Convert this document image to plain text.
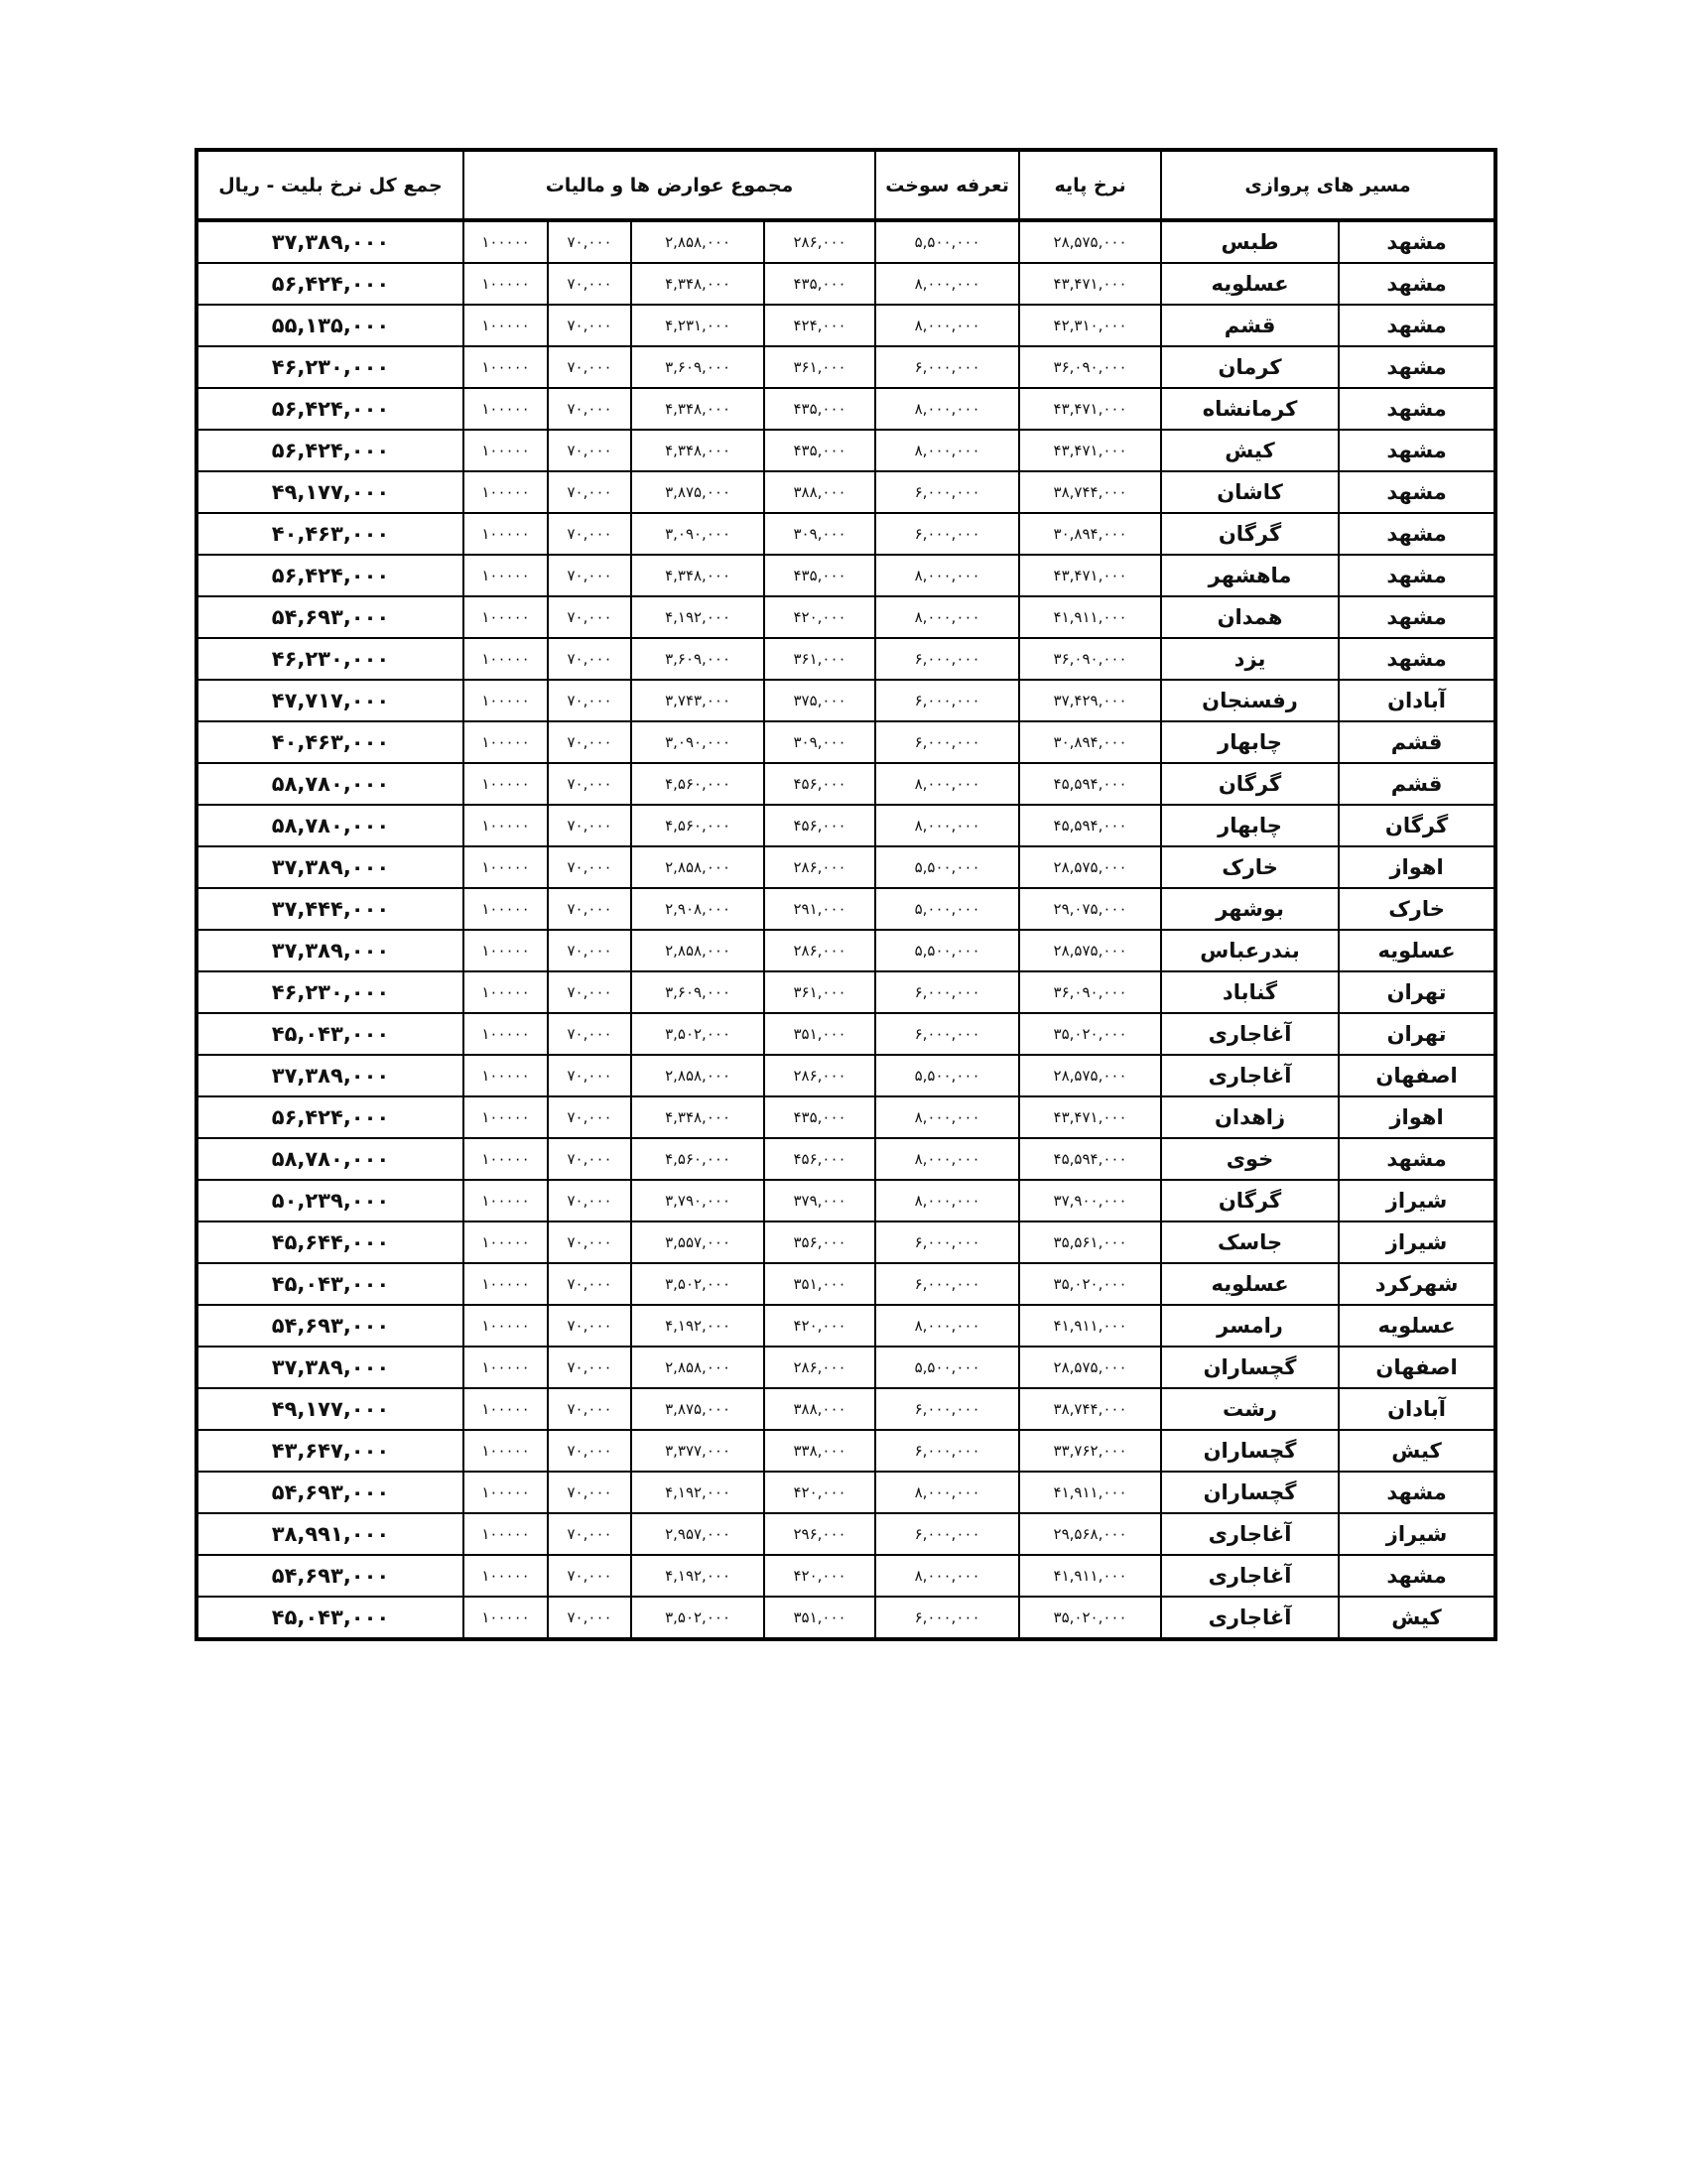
مسیر های پروازی		نرخ پایه	تعرفه سوخت	مجموع عوارض ها و مالیات				جمع کل نرخ بلیت - ریال
مشهد	طبس	۲۸,۵۷۵,۰۰۰	۵,۵۰۰,۰۰۰	۲۸۶,۰۰۰	۲,۸۵۸,۰۰۰	۷۰,۰۰۰	۱۰۰۰۰۰	۳۷,۳۸۹,۰۰۰
مشهد	عسلویه	۴۳,۴۷۱,۰۰۰	۸,۰۰۰,۰۰۰	۴۳۵,۰۰۰	۴,۳۴۸,۰۰۰	۷۰,۰۰۰	۱۰۰۰۰۰	۵۶,۴۲۴,۰۰۰
مشهد	قشم	۴۲,۳۱۰,۰۰۰	۸,۰۰۰,۰۰۰	۴۲۴,۰۰۰	۴,۲۳۱,۰۰۰	۷۰,۰۰۰	۱۰۰۰۰۰	۵۵,۱۳۵,۰۰۰
مشهد	کرمان	۳۶,۰۹۰,۰۰۰	۶,۰۰۰,۰۰۰	۳۶۱,۰۰۰	۳,۶۰۹,۰۰۰	۷۰,۰۰۰	۱۰۰۰۰۰	۴۶,۲۳۰,۰۰۰
مشهد	کرمانشاه	۴۳,۴۷۱,۰۰۰	۸,۰۰۰,۰۰۰	۴۳۵,۰۰۰	۴,۳۴۸,۰۰۰	۷۰,۰۰۰	۱۰۰۰۰۰	۵۶,۴۲۴,۰۰۰
مشهد	کیش	۴۳,۴۷۱,۰۰۰	۸,۰۰۰,۰۰۰	۴۳۵,۰۰۰	۴,۳۴۸,۰۰۰	۷۰,۰۰۰	۱۰۰۰۰۰	۵۶,۴۲۴,۰۰۰
مشهد	کاشان	۳۸,۷۴۴,۰۰۰	۶,۰۰۰,۰۰۰	۳۸۸,۰۰۰	۳,۸۷۵,۰۰۰	۷۰,۰۰۰	۱۰۰۰۰۰	۴۹,۱۷۷,۰۰۰
مشهد	گرگان	۳۰,۸۹۴,۰۰۰	۶,۰۰۰,۰۰۰	۳۰۹,۰۰۰	۳,۰۹۰,۰۰۰	۷۰,۰۰۰	۱۰۰۰۰۰	۴۰,۴۶۳,۰۰۰
مشهد	ماهشهر	۴۳,۴۷۱,۰۰۰	۸,۰۰۰,۰۰۰	۴۳۵,۰۰۰	۴,۳۴۸,۰۰۰	۷۰,۰۰۰	۱۰۰۰۰۰	۵۶,۴۲۴,۰۰۰
مشهد	همدان	۴۱,۹۱۱,۰۰۰	۸,۰۰۰,۰۰۰	۴۲۰,۰۰۰	۴,۱۹۲,۰۰۰	۷۰,۰۰۰	۱۰۰۰۰۰	۵۴,۶۹۳,۰۰۰
مشهد	یزد	۳۶,۰۹۰,۰۰۰	۶,۰۰۰,۰۰۰	۳۶۱,۰۰۰	۳,۶۰۹,۰۰۰	۷۰,۰۰۰	۱۰۰۰۰۰	۴۶,۲۳۰,۰۰۰
آبادان	رفسنجان	۳۷,۴۲۹,۰۰۰	۶,۰۰۰,۰۰۰	۳۷۵,۰۰۰	۳,۷۴۳,۰۰۰	۷۰,۰۰۰	۱۰۰۰۰۰	۴۷,۷۱۷,۰۰۰
قشم	چابهار	۳۰,۸۹۴,۰۰۰	۶,۰۰۰,۰۰۰	۳۰۹,۰۰۰	۳,۰۹۰,۰۰۰	۷۰,۰۰۰	۱۰۰۰۰۰	۴۰,۴۶۳,۰۰۰
قشم	گرگان	۴۵,۵۹۴,۰۰۰	۸,۰۰۰,۰۰۰	۴۵۶,۰۰۰	۴,۵۶۰,۰۰۰	۷۰,۰۰۰	۱۰۰۰۰۰	۵۸,۷۸۰,۰۰۰
گرگان	چابهار	۴۵,۵۹۴,۰۰۰	۸,۰۰۰,۰۰۰	۴۵۶,۰۰۰	۴,۵۶۰,۰۰۰	۷۰,۰۰۰	۱۰۰۰۰۰	۵۸,۷۸۰,۰۰۰
اهواز	خارک	۲۸,۵۷۵,۰۰۰	۵,۵۰۰,۰۰۰	۲۸۶,۰۰۰	۲,۸۵۸,۰۰۰	۷۰,۰۰۰	۱۰۰۰۰۰	۳۷,۳۸۹,۰۰۰
خارک	بوشهر	۲۹,۰۷۵,۰۰۰	۵,۰۰۰,۰۰۰	۲۹۱,۰۰۰	۲,۹۰۸,۰۰۰	۷۰,۰۰۰	۱۰۰۰۰۰	۳۷,۴۴۴,۰۰۰
عسلویه	بندرعباس	۲۸,۵۷۵,۰۰۰	۵,۵۰۰,۰۰۰	۲۸۶,۰۰۰	۲,۸۵۸,۰۰۰	۷۰,۰۰۰	۱۰۰۰۰۰	۳۷,۳۸۹,۰۰۰
تهران	گناباد	۳۶,۰۹۰,۰۰۰	۶,۰۰۰,۰۰۰	۳۶۱,۰۰۰	۳,۶۰۹,۰۰۰	۷۰,۰۰۰	۱۰۰۰۰۰	۴۶,۲۳۰,۰۰۰
تهران	آغاجاری	۳۵,۰۲۰,۰۰۰	۶,۰۰۰,۰۰۰	۳۵۱,۰۰۰	۳,۵۰۲,۰۰۰	۷۰,۰۰۰	۱۰۰۰۰۰	۴۵,۰۴۳,۰۰۰
اصفهان	آغاجاری	۲۸,۵۷۵,۰۰۰	۵,۵۰۰,۰۰۰	۲۸۶,۰۰۰	۲,۸۵۸,۰۰۰	۷۰,۰۰۰	۱۰۰۰۰۰	۳۷,۳۸۹,۰۰۰
اهواز	زاهدان	۴۳,۴۷۱,۰۰۰	۸,۰۰۰,۰۰۰	۴۳۵,۰۰۰	۴,۳۴۸,۰۰۰	۷۰,۰۰۰	۱۰۰۰۰۰	۵۶,۴۲۴,۰۰۰
مشهد	خوی	۴۵,۵۹۴,۰۰۰	۸,۰۰۰,۰۰۰	۴۵۶,۰۰۰	۴,۵۶۰,۰۰۰	۷۰,۰۰۰	۱۰۰۰۰۰	۵۸,۷۸۰,۰۰۰
شیراز	گرگان	۳۷,۹۰۰,۰۰۰	۸,۰۰۰,۰۰۰	۳۷۹,۰۰۰	۳,۷۹۰,۰۰۰	۷۰,۰۰۰	۱۰۰۰۰۰	۵۰,۲۳۹,۰۰۰
شیراز	جاسک	۳۵,۵۶۱,۰۰۰	۶,۰۰۰,۰۰۰	۳۵۶,۰۰۰	۳,۵۵۷,۰۰۰	۷۰,۰۰۰	۱۰۰۰۰۰	۴۵,۶۴۴,۰۰۰
شهرکرد	عسلویه	۳۵,۰۲۰,۰۰۰	۶,۰۰۰,۰۰۰	۳۵۱,۰۰۰	۳,۵۰۲,۰۰۰	۷۰,۰۰۰	۱۰۰۰۰۰	۴۵,۰۴۳,۰۰۰
عسلویه	رامسر	۴۱,۹۱۱,۰۰۰	۸,۰۰۰,۰۰۰	۴۲۰,۰۰۰	۴,۱۹۲,۰۰۰	۷۰,۰۰۰	۱۰۰۰۰۰	۵۴,۶۹۳,۰۰۰
اصفهان	گچساران	۲۸,۵۷۵,۰۰۰	۵,۵۰۰,۰۰۰	۲۸۶,۰۰۰	۲,۸۵۸,۰۰۰	۷۰,۰۰۰	۱۰۰۰۰۰	۳۷,۳۸۹,۰۰۰
آبادان	رشت	۳۸,۷۴۴,۰۰۰	۶,۰۰۰,۰۰۰	۳۸۸,۰۰۰	۳,۸۷۵,۰۰۰	۷۰,۰۰۰	۱۰۰۰۰۰	۴۹,۱۷۷,۰۰۰
کیش	گچساران	۳۳,۷۶۲,۰۰۰	۶,۰۰۰,۰۰۰	۳۳۸,۰۰۰	۳,۳۷۷,۰۰۰	۷۰,۰۰۰	۱۰۰۰۰۰	۴۳,۶۴۷,۰۰۰
مشهد	گچساران	۴۱,۹۱۱,۰۰۰	۸,۰۰۰,۰۰۰	۴۲۰,۰۰۰	۴,۱۹۲,۰۰۰	۷۰,۰۰۰	۱۰۰۰۰۰	۵۴,۶۹۳,۰۰۰
شیراز	آغاجاری	۲۹,۵۶۸,۰۰۰	۶,۰۰۰,۰۰۰	۲۹۶,۰۰۰	۲,۹۵۷,۰۰۰	۷۰,۰۰۰	۱۰۰۰۰۰	۳۸,۹۹۱,۰۰۰
مشهد	آغاجاری	۴۱,۹۱۱,۰۰۰	۸,۰۰۰,۰۰۰	۴۲۰,۰۰۰	۴,۱۹۲,۰۰۰	۷۰,۰۰۰	۱۰۰۰۰۰	۵۴,۶۹۳,۰۰۰
کیش	آغاجاری	۳۵,۰۲۰,۰۰۰	۶,۰۰۰,۰۰۰	۳۵۱,۰۰۰	۳,۵۰۲,۰۰۰	۷۰,۰۰۰	۱۰۰۰۰۰	۴۵,۰۴۳,۰۰۰
